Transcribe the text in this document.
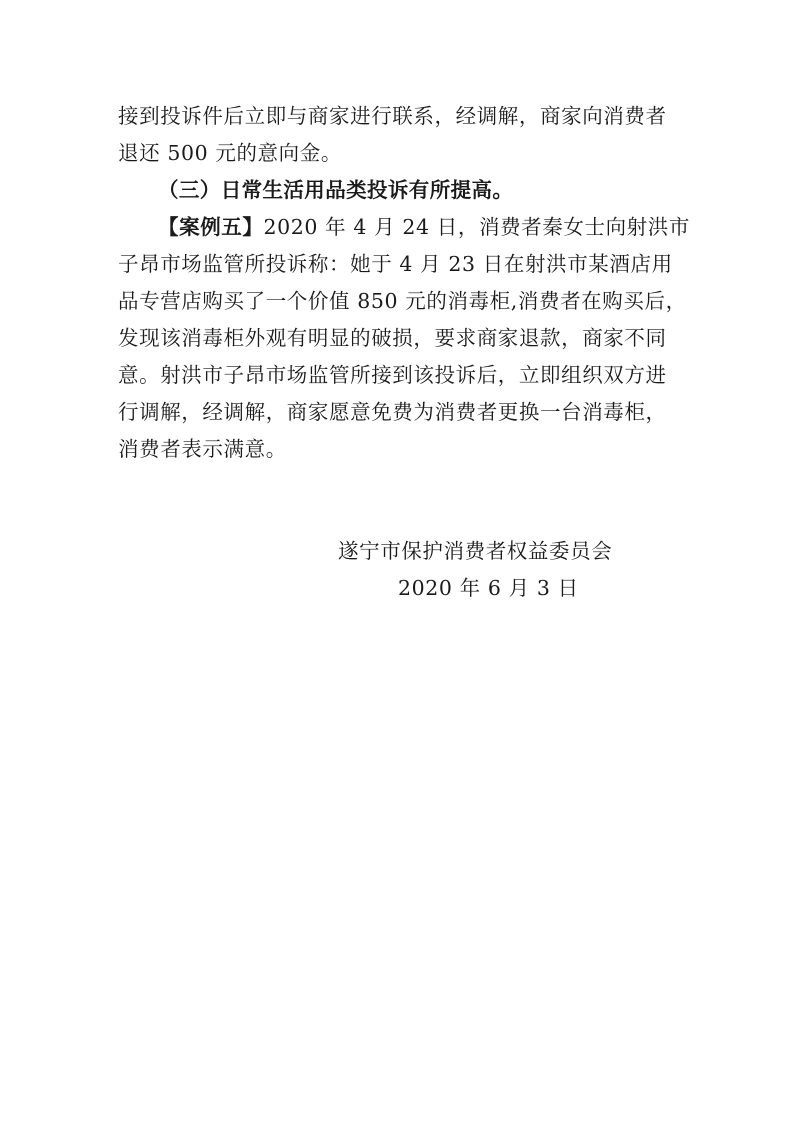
接到投诉件后立即与商家进行联系，经调解，商家向消费者
退还 500 元的意向金。
（三）日常生活用品类投诉有所提高。
【案例五】2020 年 4 月 24 日，消费者秦女士向射洪市
子昂市场监管所投诉称：她于 4 月 23 日在射洪市某酒店用
品专营店购买了一个价值 850 元的消毒柜,消费者在购买后，
发现该消毒柜外观有明显的破损，要求商家退款，商家不同
意。射洪市子昂市场监管所接到该投诉后，立即组织双方进
行调解，经调解，商家愿意免费为消费者更换一台消毒柜，
消费者表示满意。
遂宁市保护消费者权益委员会
2020 年 6 月 3 日
